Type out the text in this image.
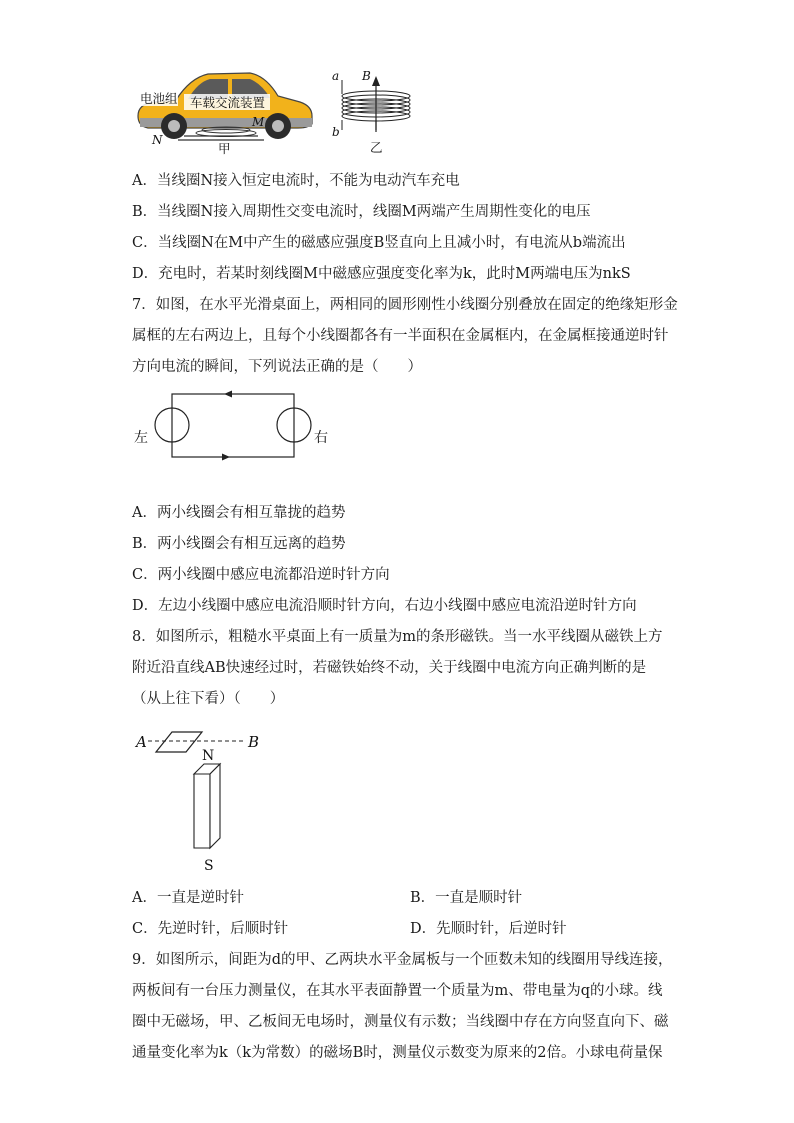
电池组 车载交流装置
M
N
甲
a B
b
乙
A．当线圈N接入恒定电流时，不能为电动汽车充电
B．当线圈N接入周期性交变电流时，线圈M两端产生周期性变化的电压
C．当线圈N在M中产生的磁感应强度B竖直向上且减小时，有电流从b端流出
D．充电时，若某时刻线圈M中磁感应强度变化率为k，此时M两端电压为nkS
7．如图，在水平光滑桌面上，两相同的圆形刚性小线圈分别叠放在固定的绝缘矩形金
属框的左右两边上，且每个小线圈都各有一半面积在金属框内，在金属框接通逆时针
方向电流的瞬间，下列说法正确的是（　　）
左	右
A．两小线圈会有相互靠拢的趋势
B．两小线圈会有相互远离的趋势
C．两小线圈中感应电流都沿逆时针方向
D．左边小线圈中感应电流沿顺时针方向，右边小线圈中感应电流沿逆时针方向
8．如图所示，粗糙水平桌面上有一质量为m的条形磁铁。当一水平线圈从磁铁上方
附近沿直线AB快速经过时，若磁铁始终不动，关于线圈中电流方向正确判断的是
（从上往下看）（　　）
A	B
N
S
A．一直是逆时针	B．一直是顺时针
C．先逆时针，后顺时针	D．先顺时针，后逆时针
9．如图所示，间距为d的甲、乙两块水平金属板与一个匝数未知的线圈用导线连接，
两板间有一台压力测量仪，在其水平表面静置一个质量为m、带电量为q的小球。线
圈中无磁场，甲、乙板间无电场时，测量仪有示数；当线圈中存在方向竖直向下、磁
通量变化率为k（k为常数）的磁场B时，测量仪示数变为原来的2倍。小球电荷量保
